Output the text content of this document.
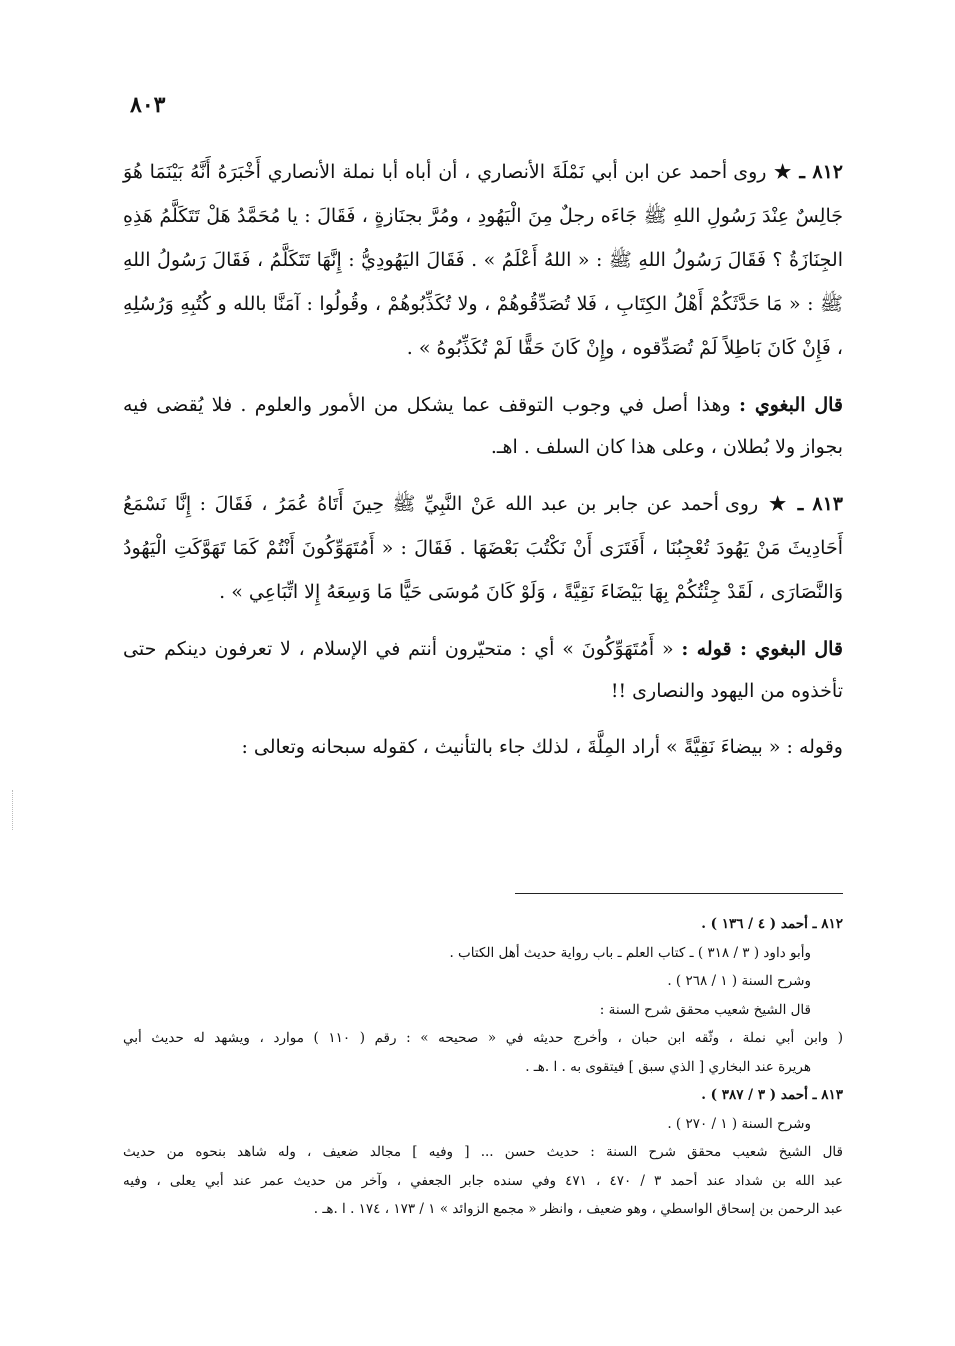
٨٠٣

٨١٢ ـ ★ روى أحمد عن ابن أبي نَمْلَةَ الأنصاري ، أن أباه أبا نملة الأنصاري أَخْبَرَهُ أَنَّهُ بَيْنَمَا هُوَ جَالِسٌ عِنْدَ رَسُولِ اللهِ ﷺ جَاءَه رجلٌ مِنَ الْيَهُودِ ، ومُرَّ بجنَازةٍ ، فَقَالَ : يا مُحَمَّدُ هَلْ تَتَكَلَّمُ هَذِهِ الجِنَازَةُ ؟ فَقَالَ رَسُولُ اللهِ ﷺ : « اللهُ أَعْلَمُ » . فَقَالَ اليَهُودِيُّ : إِنَّهَا تَتَكَلَّمُ ، فَقَالَ رَسُولُ اللهِ ﷺ : « مَا حَدَّثَكُمْ أَهْلُ الكِتَابِ ، فَلا تُصَدِّقُوهُمْ ، ولا تُكَذِّبُوهُمْ ، وقُولُوا : آمَنَّا بالله و كُتُبِهِ وَرُسُلِهِ ، فَإِنْ كَانَ بَاطِلاً لَمْ تُصَدِّقوه ، وإِنْ كَانَ حَقًّا لَمْ تُكَذِّبُوهُ » .

قال البغوي : وهذا أصل في وجوب التوقف عما يشكل من الأمور والعلوم . فلا يُقضى فيه بجواز ولا بُطلان ، وعلى هذا كان السلف . اهـ.

٨١٣ ـ ★ روى أحمد عن جابر بن عبد الله عَنْ النَّبِيِّ ﷺ حِينَ أَتَاهُ عُمَرُ ، فَقَالَ : إِنَّا نَسْمَعُ أَحَادِيثَ مَنْ يَهُودَ تُعْجِبُنَا ، أَفَتَرَى أَنْ نَكْتُبَ بَعْضَهَا . فَقَالَ : « أَمُتَهَوِّكُونَ أَنْتُمْ كَمَا تَهَوَّكَتِ الْيَهُودُ وَالنَّصَارَى ، لَقَدْ جِئْتُكُمْ بِهَا بَيْضَاءَ نَقِيَّةً ، وَلَوْ كَانَ مُوسَى حَيًّا مَا وَسِعَهُ إِلا اتِّبَاعِي » .

قال البغوي : قوله : « أَمُتَهَوِّكُونَ » أي : متحيّرون أنتم في الإسلام ، لا تعرفون دينكم حتى تأخذوه من اليهود والنصارى !!

وقوله : « بيضاءَ نَقِيَّةً » أراد المِلَّةَ ، لذلك جاء بالتأنيث ، كقوله سبحانه وتعالى :

٨١٢ ـ أحمد ( ٤ / ١٣٦ ) .
وأبو داود ( ٣ / ٣١٨ ) ـ كتاب العلم ـ باب رواية حديث أهل الكتاب .
وشرح السنة ( ١ / ٢٦٨ ) .
قال الشيخ شعيب محقق شرح السنة :
( وابن أبي نملة ، وثّقه ابن حبان ، وأخرج حديثه في « صحيحه » : رقم ( ١١٠ ) موارد ، ويشهد له حديث أبي
هريرة عند البخاري [ الذي سبق ] فيتقوى به . ا .هـ .
٨١٣ ـ أحمد ( ٣ / ٣٨٧ ) .
وشرح السنة ( ١ / ٢٧٠ ) .
قال الشيخ شعيب محقق شرح السنة : حديث حسن ... [ وفيه ] مجالد ضعيف ، وله شاهد بنحوه من حديث
عبد الله بن شداد عند أحمد ٣ / ٤٧٠ ، ٤٧١ وفي سنده جابر الجعفي ، وآخر من حديث عمر عند أبي يعلى ، وفيه
عبد الرحمن بن إسحاق الواسطي ، وهو ضعيف ، وانظر « مجمع الزوائد » ١ / ١٧٣ ، ١٧٤ . ا .هـ .
